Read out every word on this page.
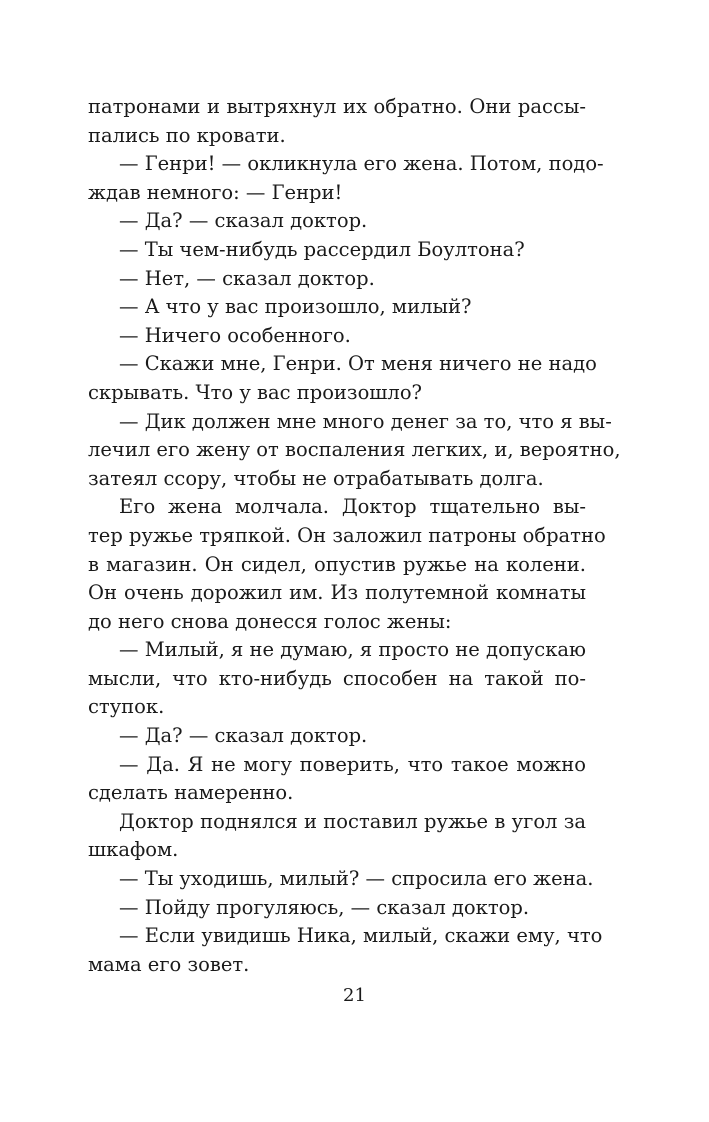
патронами и вытряхнул их обратно. Они рассы-
пались по кровати.
— Генри! — окликнула его жена. Потом, подо-
ждав немного: — Генри!
— Да? — сказал доктор.
— Ты чем-нибудь рассердил Боултона?
— Нет, — сказал доктор.
— А что у вас произошло, милый?
— Ничего особенного.
— Скажи мне, Генри. От меня ничего не надо
скрывать. Что у вас произошло?
— Дик должен мне много денег за то, что я вы-
лечил его жену от воспаления легких, и, вероятно,
затеял ссору, чтобы не отрабатывать долга.
Его жена молчала. Доктор тщательно вы-
тер ружье тряпкой. Он заложил патроны обратно
в магазин. Он сидел, опустив ружье на колени.
Он очень дорожил им. Из полутемной комнаты
до него снова донесся голос жены:
— Милый, я не думаю, я просто не допускаю
мысли, что кто-нибудь способен на такой по-
ступок.
— Да? — сказал доктор.
— Да. Я не могу поверить, что такое можно
сделать намеренно.
Доктор поднялся и поставил ружье в угол за
шкафом.
— Ты уходишь, милый? — спросила его жена.
— Пойду прогуляюсь, — сказал доктор.
— Если увидишь Ника, милый, скажи ему, что
мама его зовет.
21
